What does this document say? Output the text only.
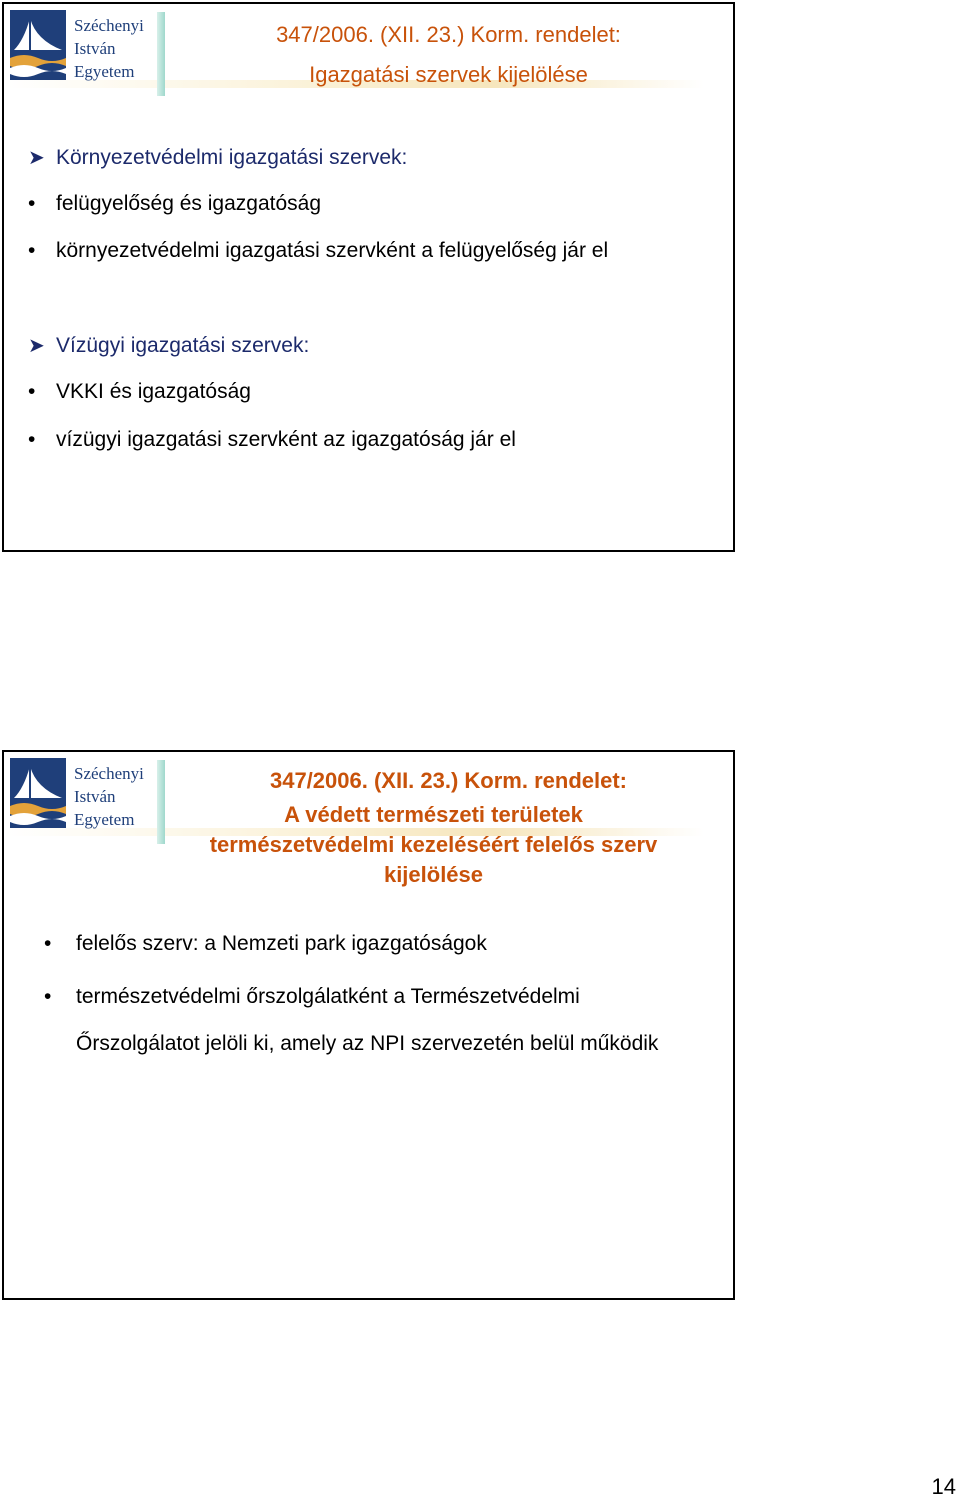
Széchenyi
István
Egyetem
347/2006. (XII. 23.) Korm. rendelet:
Igazgatási szervek kijelölése
➤ Környezetvédelmi igazgatási szervek:
• felügyelőség és igazgatóság
• környezetvédelmi igazgatási szervként a felügyelőség jár el
➤ Vízügyi igazgatási szervek:
• VKKI és igazgatóság
• vízügyi igazgatási szervként az igazgatóság jár el
Széchenyi
István
Egyetem
347/2006. (XII. 23.) Korm. rendelet:
A védett természeti területek
természetvédelmi kezeléséért felelős szerv
kijelölése
• felelős szerv: a Nemzeti park igazgatóságok
• természetvédelmi őrszolgálatként a Természetvédelmi Őrszolgálatot jelöli ki, amely az NPI szervezetén belül működik
14
